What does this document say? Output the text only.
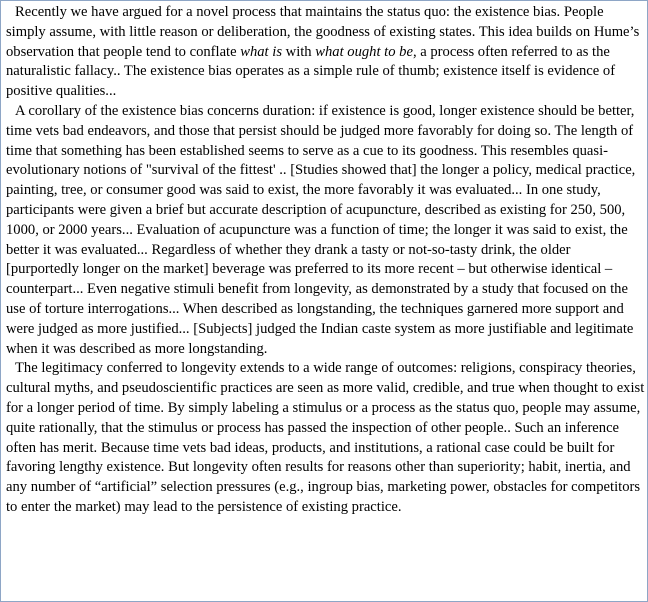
Recently we have argued for a novel process that maintains the status quo: the existence bias. People simply assume, with little reason or deliberation, the goodness of existing states. This idea builds on Hume’s observation that people tend to conflate what is with what ought to be, a process often referred to as the naturalistic fallacy.. The existence bias operates as a simple rule of thumb; existence itself is evidence of positive qualities...

A corollary of the existence bias concerns duration: if existence is good, longer existence should be better, time vets bad endeavors, and those that persist should be judged more favorably for doing so. The length of time that something has been established seems to serve as a cue to its goodness. This resembles quasi-evolutionary notions of "survival of the fittest' .. [Studies showed that] the longer a policy, medical practice, painting, tree, or consumer good was said to exist, the more favorably it was evaluated... In one study, participants were given a brief but accurate description of acupuncture, described as existing for 250, 500, 1000, or 2000 years... Evaluation of acupuncture was a function of time; the longer it was said to exist, the better it was evaluated... Regardless of whether they drank a tasty or not-so-tasty drink, the older [purportedly longer on the market] beverage was preferred to its more recent – but otherwise identical – counterpart... Even negative stimuli benefit from longevity, as demonstrated by a study that focused on the use of torture interrogations... When described as longstanding, the techniques garnered more support and were judged as more justified... [Subjects] judged the Indian caste system as more justifiable and legitimate when it was described as more longstanding.

The legitimacy conferred to longevity extends to a wide range of outcomes: religions, conspiracy theories, cultural myths, and pseudoscientific practices are seen as more valid, credible, and true when thought to exist for a longer period of time. By simply labeling a stimulus or a process as the status quo, people may assume, quite rationally, that the stimulus or process has passed the inspection of other people.. Such an inference often has merit. Because time vets bad ideas, products, and institutions, a rational case could be built for favoring lengthy existence. But longevity often results for reasons other than superiority; habit, inertia, and any number of “artificial” selection pressures (e.g., ingroup bias, marketing power, obstacles for competitors to enter the market) may lead to the persistence of existing practice.
